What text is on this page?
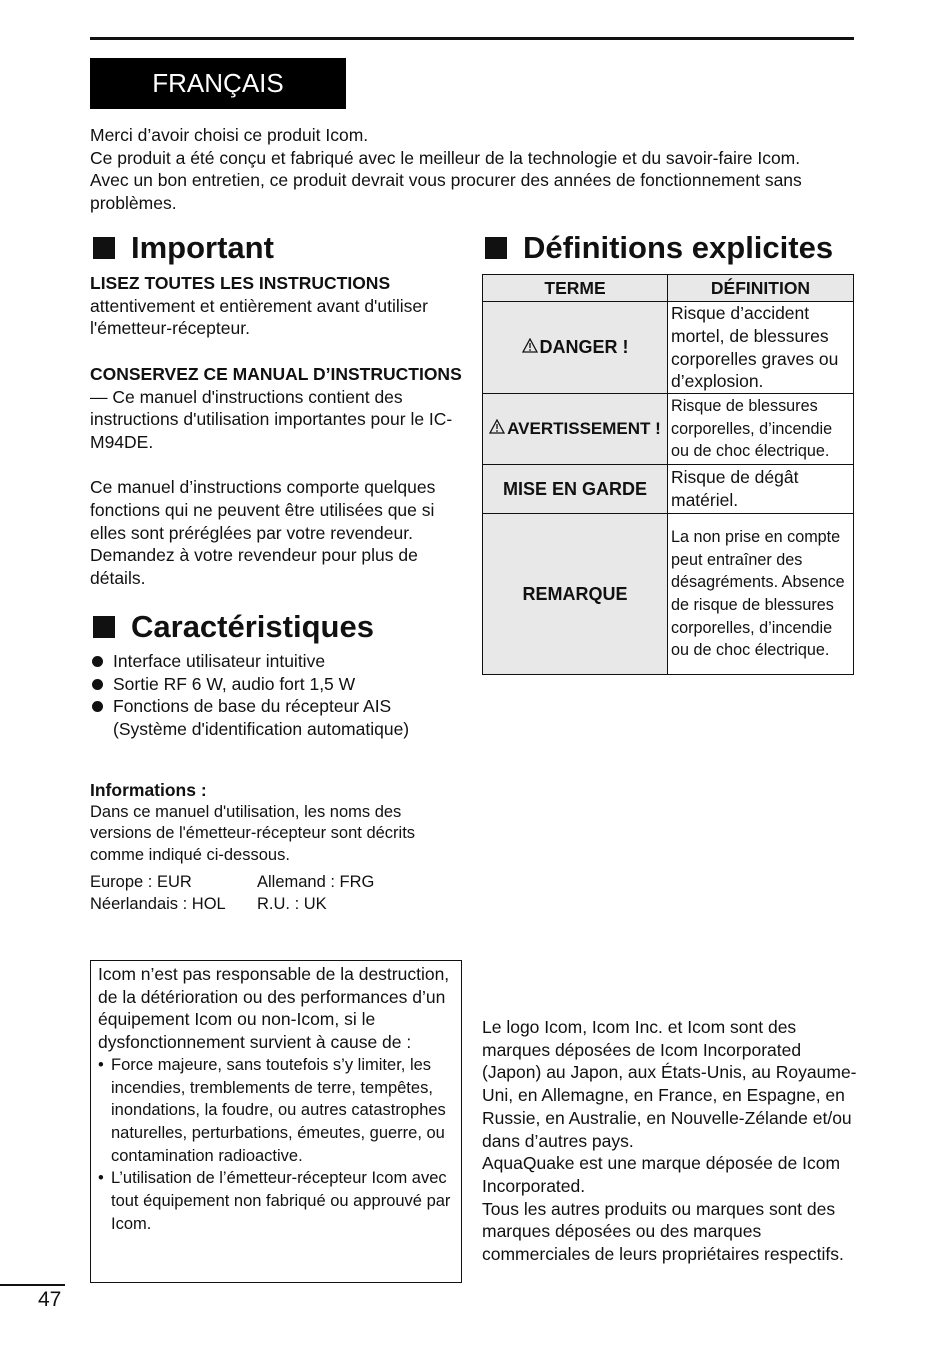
FRANÇAIS

Merci d’avoir choisi ce produit Icom.

Ce produit a été conçu et fabriqué avec le meilleur de la technologie et du savoir-faire Icom. Avec un bon entretien, ce produit devrait vous procurer des années de fonctionnement sans problèmes.

Important

LISEZ TOUTES LES INSTRUCTIONS
attentivement et entièrement avant d'utiliser l'émetteur-récepteur.

CONSERVEZ CE MANUAL D’INSTRUCTIONS— Ce manuel d'instructions contient des instructions d'utilisation importantes pour le IC-M94DE.

Ce manuel d’instructions comporte quelques fonctions qui ne peuvent être utilisées que si elles sont préréglées par votre revendeur. Demandez à votre revendeur pour plus de détails.

Caractéristiques
Interface utilisateur intuitive
Sortie RF 6 W, audio fort 1,5 W
Fonctions de base du récepteur AIS (Système d'identification automatique)

Informations :

Dans ce manuel d'utilisation, les noms des versions de l'émetteur-récepteur sont décrits comme indiqué ci-dessous.

Europe : EUR	Allemand : FRG
Néerlandais : HOL	R.U. : UK

Icom n’est pas responsable de la destruction, de la détérioration ou des performances d’un équipement Icom ou non-Icom, si le dysfonctionnement survient à cause de :

• Force majeure, sans toutefois s’y limiter, les incendies, tremblements de terre, tempêtes, inondations, la foudre, ou autres catastrophes naturelles, perturbations, émeutes, guerre, ou contamination radioactive.
• L’utilisation de l’émetteur-récepteur Icom avec tout équipement non fabriqué ou approuvé par Icom.
Définitions explicites
TERME	DÉFINITION
DANGER !	Risque d’accident mortel, de blessures corporelles graves ou d’explosion.
AVERTISSEMENT !	Risque de blessures corporelles, d’incendie ou de choc électrique.
MISE EN GARDE	Risque de dégât matériel.
REMARQUE	La non prise en compte peut entraîner des désagréments. Absence de risque de blessures corporelles, d’incendie ou de choc électrique.

Le logo Icom, Icom Inc. et Icom sont des marques déposées de Icom Incorporated (Japon) au Japon, aux États-Unis, au Royaume-Uni, en Allemagne, en France, en Espagne, en Russie, en Australie, en Nouvelle-Zélande et/ou dans d’autres pays.

AquaQuake est une marque déposée de Icom Incorporated.

Tous les autres produits ou marques sont des marques déposées ou des marques commerciales de leurs propriétaires respectifs.

47
